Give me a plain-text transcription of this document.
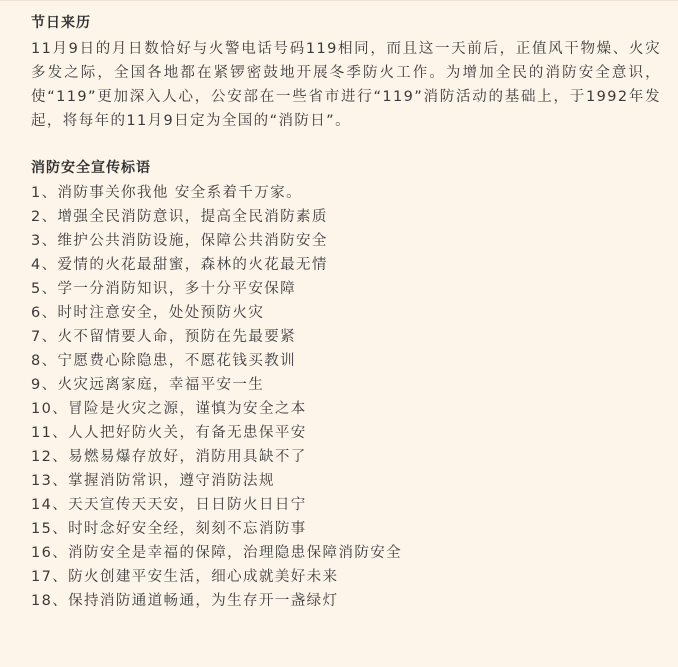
节日来历

11月9日的月日数恰好与火警电话号码119相同，而且这一天前后，正值风干物燥、火灾多发之际，全国各地都在紧锣密鼓地开展冬季防火工作。为增加全民的消防安全意识，使“119”更加深入人心，公安部在一些省市进行“119”消防活动的基础上，于1992年发起，将每年的11月9日定为全国的“消防日”。

消防安全宣传标语
1、消防事关你我他 安全系着千万家。
2、增强全民消防意识，提高全民消防素质
3、维护公共消防设施，保障公共消防安全
4、爱情的火花最甜蜜，森林的火花最无情
5、学一分消防知识，多十分平安保障
6、时时注意安全，处处预防火灾
7、火不留情要人命，预防在先最要紧
8、宁愿费心除隐患，不愿花钱买教训
9、火灾远离家庭，幸福平安一生
10、冒险是火灾之源，谨慎为安全之本
11、人人把好防火关，有备无患保平安
12、易燃易爆存放好，消防用具缺不了
13、掌握消防常识，遵守消防法规
14、天天宣传天天安，日日防火日日宁
15、时时念好安全经，刻刻不忘消防事
16、消防安全是幸福的保障，治理隐患保障消防安全
17、防火创建平安生活，细心成就美好未来
18、保持消防通道畅通，为生存开一盏绿灯
